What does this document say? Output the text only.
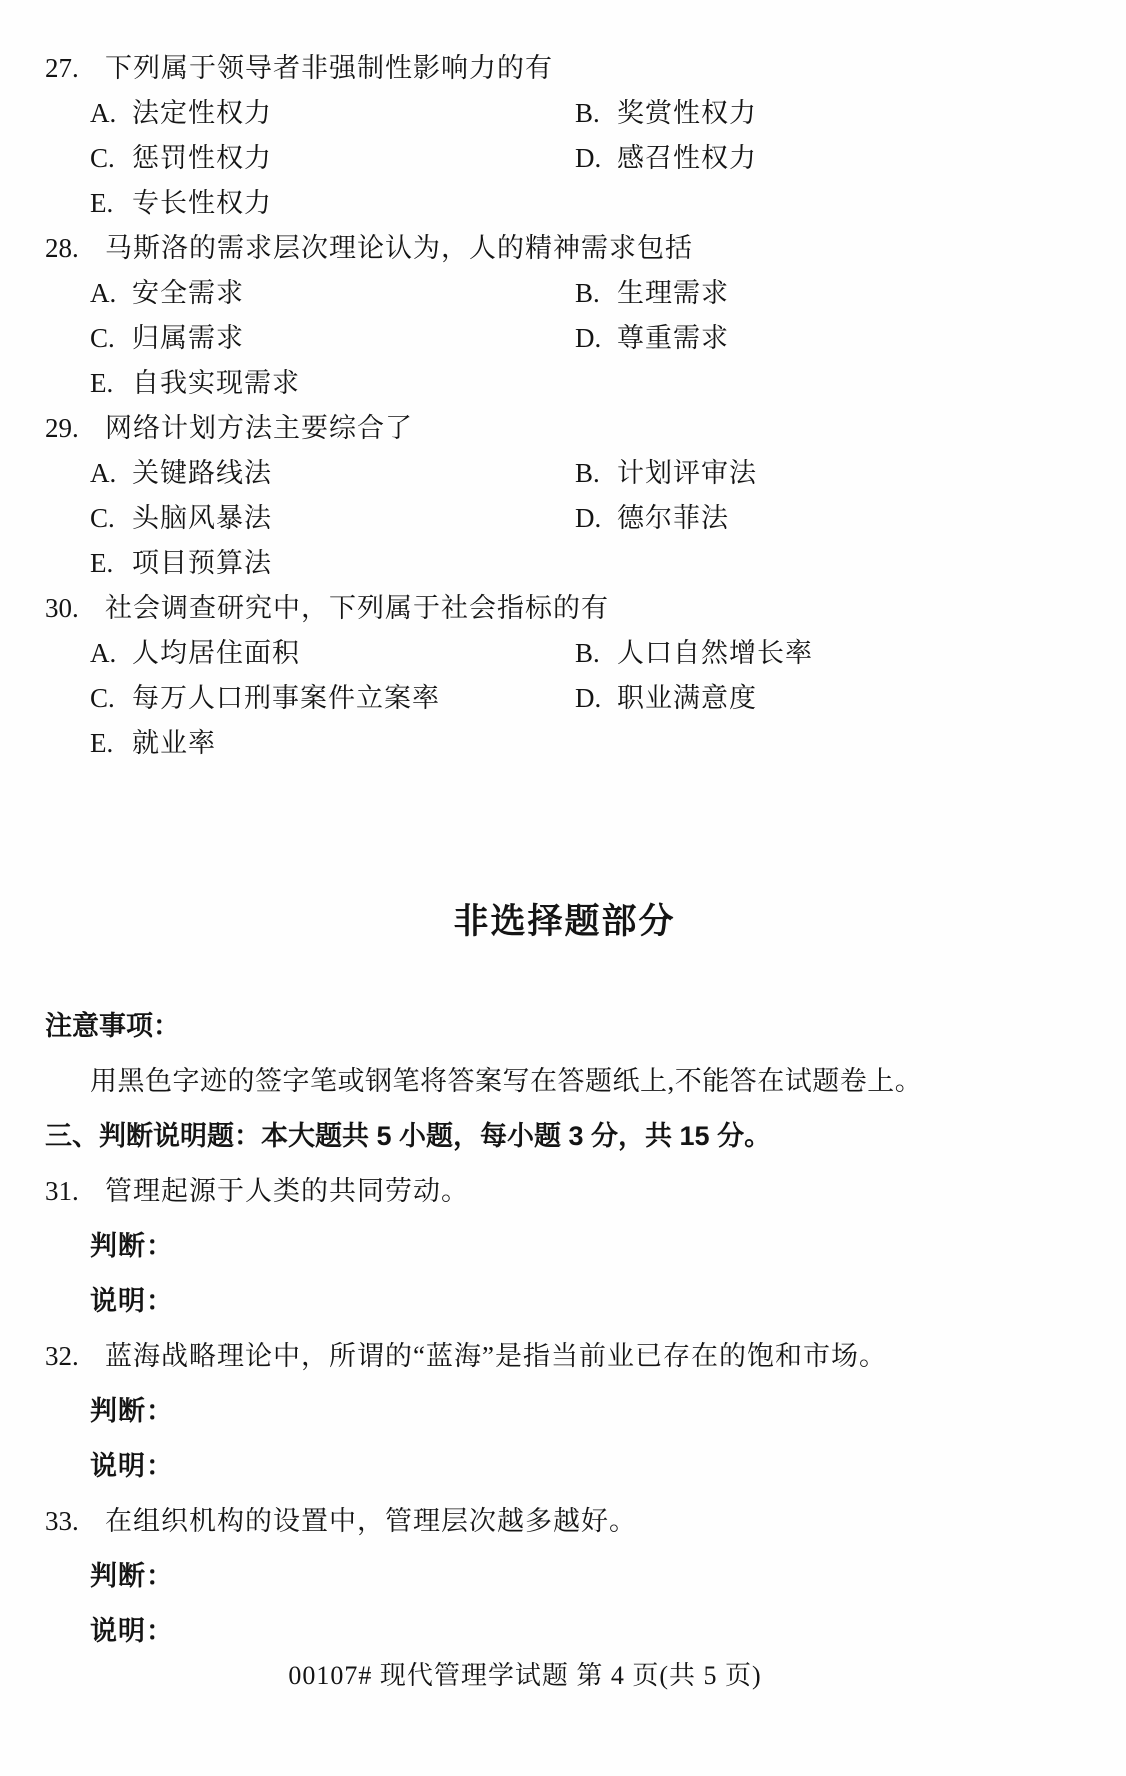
27. 下列属于领导者非强制性影响力的有
A. 法定性权力	B. 奖赏性权力
C. 惩罚性权力	D. 感召性权力
E. 专长性权力
28. 马斯洛的需求层次理论认为，人的精神需求包括
A. 安全需求	B. 生理需求
C. 归属需求	D. 尊重需求
E. 自我实现需求
29. 网络计划方法主要综合了
A. 关键路线法	B. 计划评审法
C. 头脑风暴法	D. 德尔菲法
E. 项目预算法
30. 社会调查研究中，下列属于社会指标的有
A. 人均居住面积	B. 人口自然增长率
C. 每万人口刑事案件立案率	D. 职业满意度
E. 就业率
非选择题部分
注意事项：
用黑色字迹的签字笔或钢笔将答案写在答题纸上,不能答在试题卷上。
三、判断说明题：本大题共 5 小题，每小题 3 分，共 15 分。
31. 管理起源于人类的共同劳动。
判断：
说明：
32. 蓝海战略理论中，所谓的“蓝海”是指当前业已存在的饱和市场。
判断：
说明：
33. 在组织机构的设置中，管理层次越多越好。
判断：
说明：
00107# 现代管理学试题 第 4 页(共 5 页)
